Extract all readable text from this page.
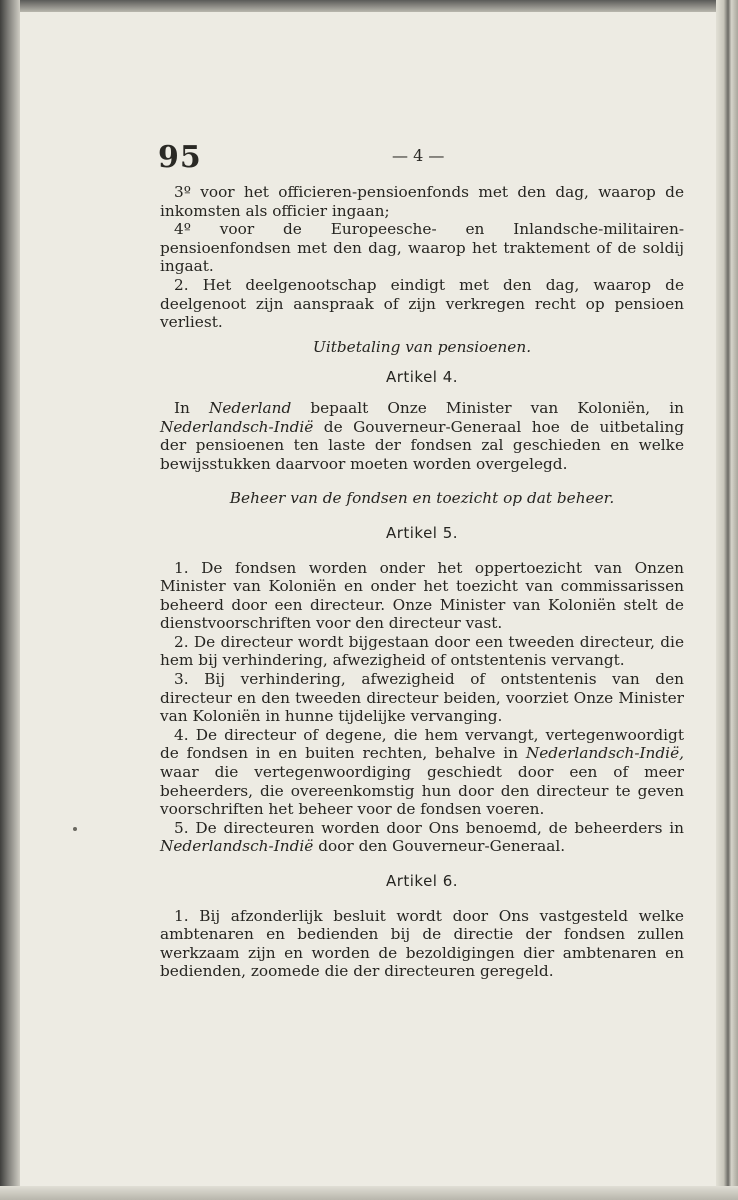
95	— 4 —

3º voor het officieren-pensioenfonds met den dag, waarop de inkomsten als officier ingaan;

4º voor de Europeesche- en Inlandsche-militairen-pensioenfondsen met den dag, waarop het traktement of de soldij ingaat.

2. Het deelgenootschap eindigt met den dag, waarop de deelgenoot zijn aanspraak of zijn verkregen recht op pensioen verliest.

Uitbetaling van pensioenen.

Artikel 4.

In Nederland bepaalt Onze Minister van Koloniën, in Nederlandsch-Indië de Gouverneur-Generaal hoe de uitbetaling der pensioenen ten laste der fondsen zal geschieden en welke bewijsstukken daarvoor moeten worden overgelegd.

Beheer van de fondsen en toezicht op dat beheer.

Artikel 5.

1. De fondsen worden onder het oppertoezicht van Onzen Minister van Koloniën en onder het toezicht van commissarissen beheerd door een directeur. Onze Minister van Koloniën stelt de dienstvoorschriften voor den directeur vast.

2. De directeur wordt bijgestaan door een tweeden directeur, die hem bij verhindering, afwezigheid of ontstentenis vervangt.

3. Bij verhindering, afwezigheid of ontstentenis van den directeur en den tweeden directeur beiden, voorziet Onze Minister van Koloniën in hunne tijdelijke vervanging.

4. De directeur of degene, die hem vervangt, vertegenwoordigt de fondsen in en buiten rechten, behalve in Nederlandsch-Indië, waar die vertegenwoordiging geschiedt door een of meer beheerders, die overeenkomstig hun door den directeur te geven voorschriften het beheer voor de fondsen voeren.

5. De directeuren worden door Ons benoemd, de beheerders in Nederlandsch-Indië door den Gouverneur-Generaal.

Artikel 6.

1. Bij afzonderlijk besluit wordt door Ons vastgesteld welke ambtenaren en bedienden bij de directie der fondsen zullen werkzaam zijn en worden de bezoldigingen dier ambtenaren en bedienden, zoomede die der directeuren geregeld.
